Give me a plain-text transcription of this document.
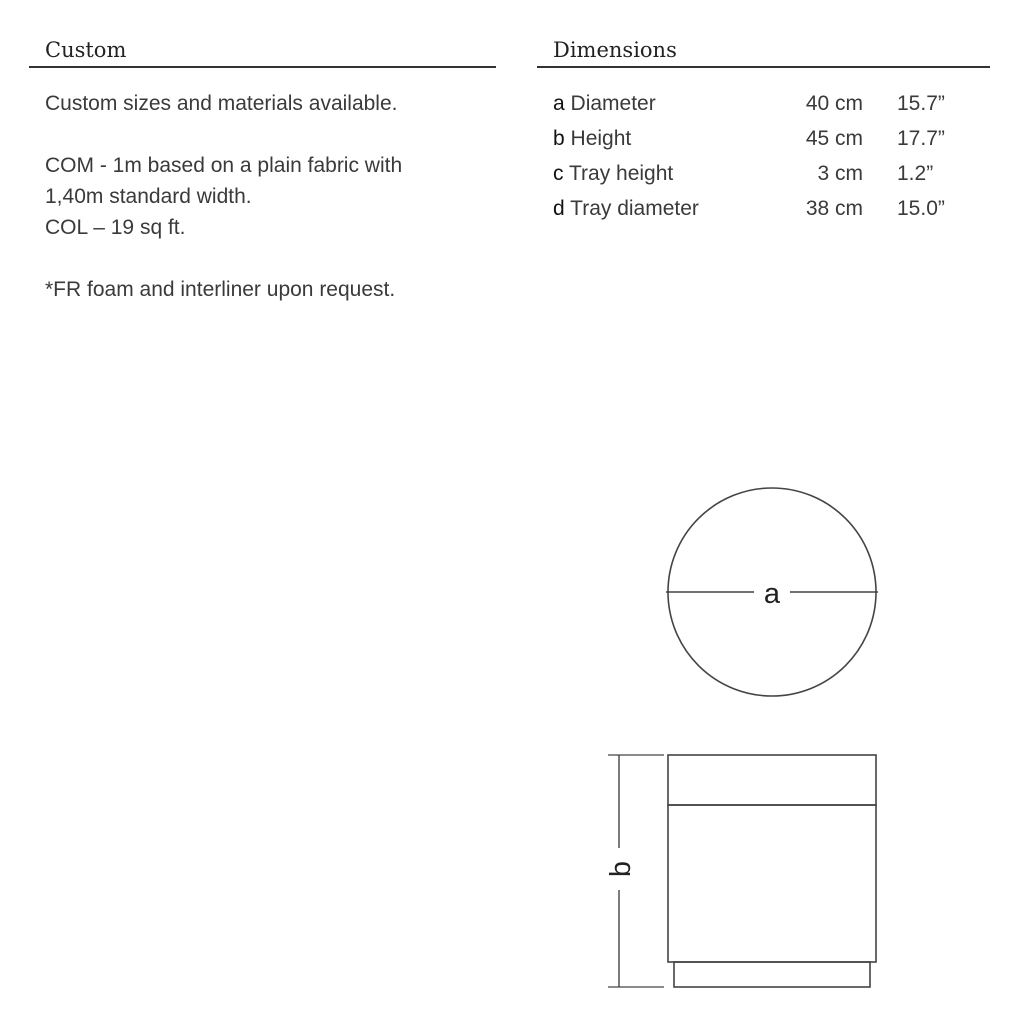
Custom
Custom sizes and materials available.
COM - 1m based on a plain fabric with
1,40m standard width.
COL – 19 sq ft.
*FR foam and interliner upon request.
Dimensions
a Diameter	40 cm	15.7”
b Height	45 cm	17.7”
c Tray height	3 cm	1.2”
d Tray diameter	38 cm	15.0”
a
b
